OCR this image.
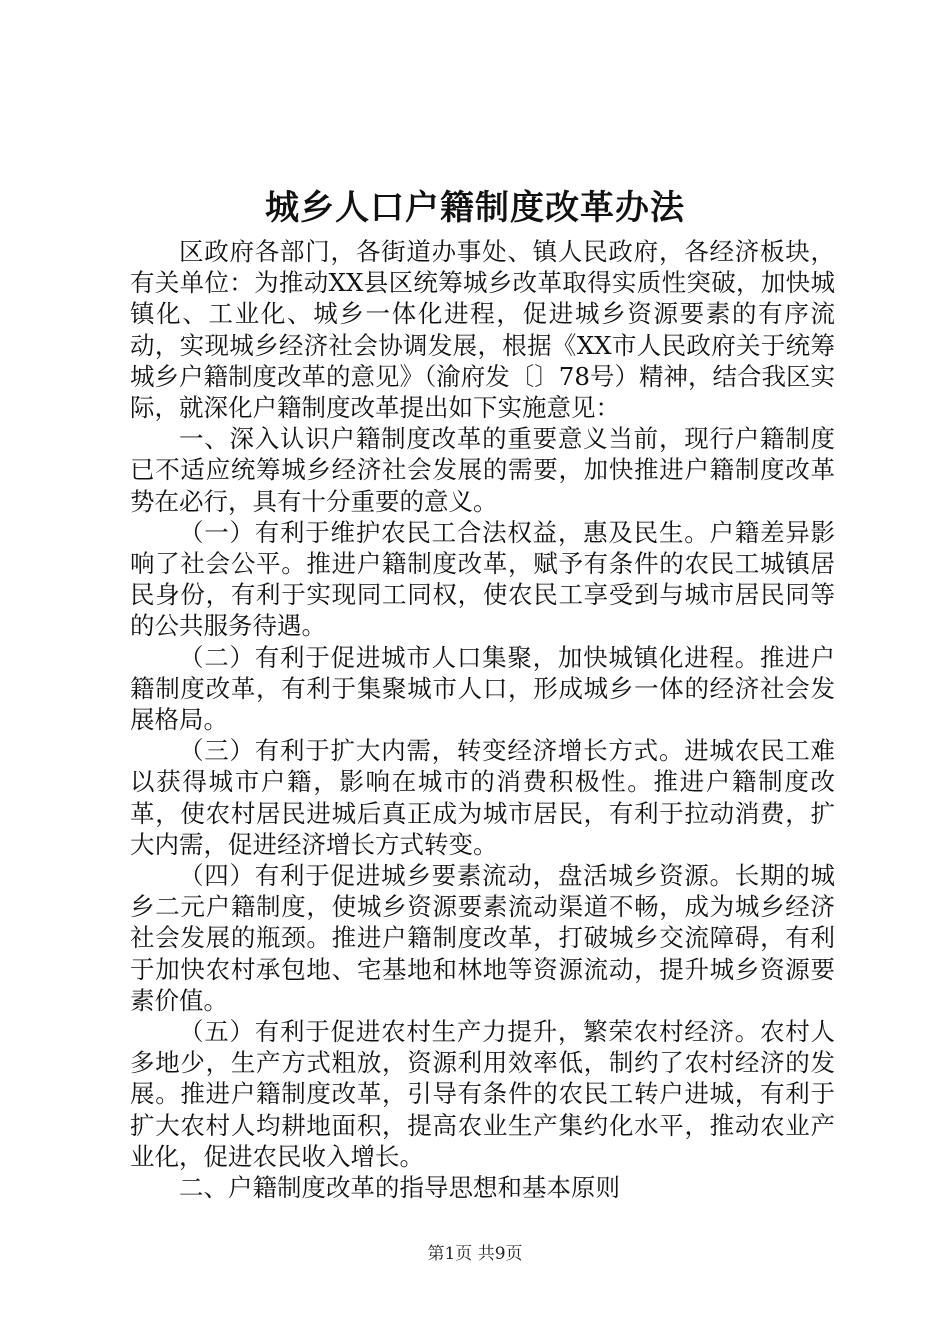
城乡人口户籍制度改革办法

区政府各部门，各街道办事处、镇人民政府，各经济板块，有关单位：为推动XX县区统筹城乡改革取得实质性突破，加快城镇化、工业化、城乡一体化进程，促进城乡资源要素的有序流动，实现城乡经济社会协调发展，根据《XX市人民政府关于统筹城乡户籍制度改革的意见》（渝府发〔〕78号）精神，结合我区实际，就深化户籍制度改革提出如下实施意见：

一、深入认识户籍制度改革的重要意义当前，现行户籍制度已不适应统筹城乡经济社会发展的需要，加快推进户籍制度改革势在必行，具有十分重要的意义。

（一）有利于维护农民工合法权益，惠及民生。户籍差异影响了社会公平。推进户籍制度改革，赋予有条件的农民工城镇居民身份，有利于实现同工同权，使农民工享受到与城市居民同等的公共服务待遇。

（二）有利于促进城市人口集聚，加快城镇化进程。推进户籍制度改革，有利于集聚城市人口，形成城乡一体的经济社会发展格局。

（三）有利于扩大内需，转变经济增长方式。进城农民工难以获得城市户籍，影响在城市的消费积极性。推进户籍制度改革，使农村居民进城后真正成为城市居民，有利于拉动消费，扩大内需，促进经济增长方式转变。

（四）有利于促进城乡要素流动，盘活城乡资源。长期的城乡二元户籍制度，使城乡资源要素流动渠道不畅，成为城乡经济社会发展的瓶颈。推进户籍制度改革，打破城乡交流障碍，有利于加快农村承包地、宅基地和林地等资源流动，提升城乡资源要素价值。

（五）有利于促进农村生产力提升，繁荣农村经济。农村人多地少，生产方式粗放，资源利用效率低，制约了农村经济的发展。推进户籍制度改革，引导有条件的农民工转户进城，有利于扩大农村人均耕地面积，提高农业生产集约化水平，推动农业产业化，促进农民收入增长。

二、户籍制度改革的指导思想和基本原则

第1页 共9页
